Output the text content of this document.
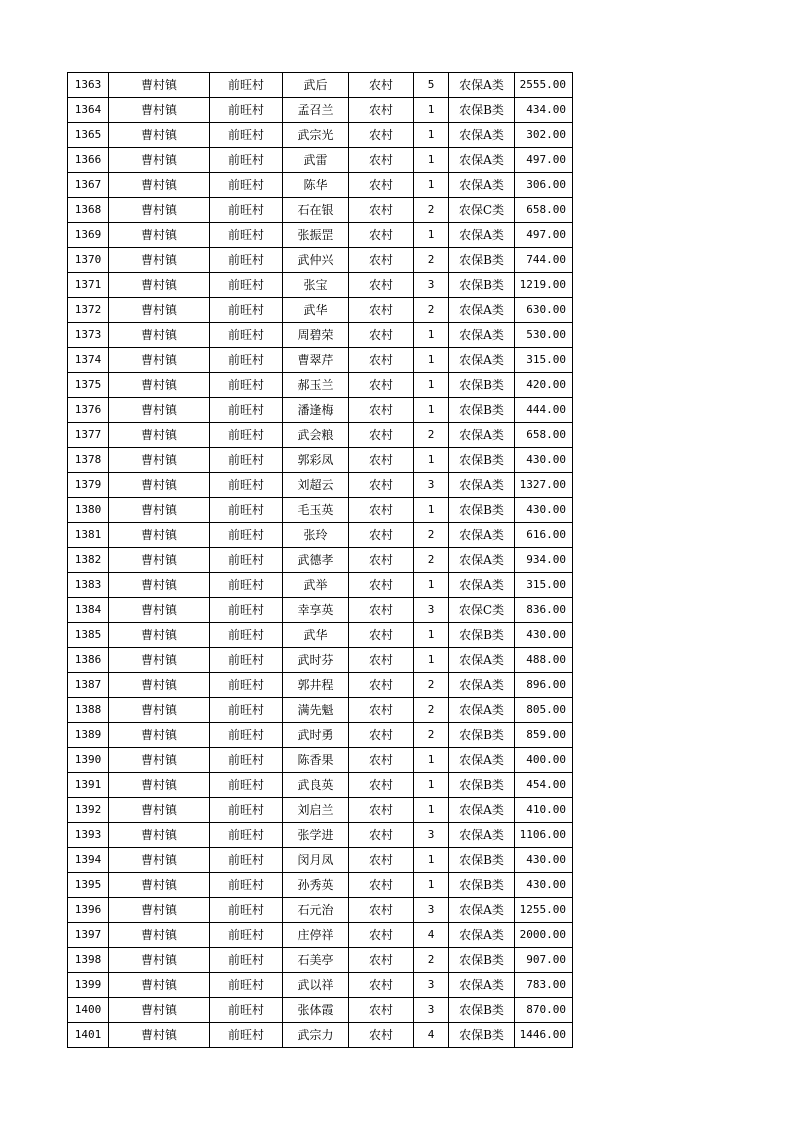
1363	曹村镇	前旺村	武后	农村	5	农保A类	2555.00
1364	曹村镇	前旺村	孟召兰	农村	1	农保B类	434.00
1365	曹村镇	前旺村	武宗光	农村	1	农保A类	302.00
1366	曹村镇	前旺村	武雷	农村	1	农保A类	497.00
1367	曹村镇	前旺村	陈华	农村	1	农保A类	306.00
1368	曹村镇	前旺村	石在银	农村	2	农保C类	658.00
1369	曹村镇	前旺村	张振罡	农村	1	农保A类	497.00
1370	曹村镇	前旺村	武仲兴	农村	2	农保B类	744.00
1371	曹村镇	前旺村	张宝	农村	3	农保B类	1219.00
1372	曹村镇	前旺村	武华	农村	2	农保A类	630.00
1373	曹村镇	前旺村	周碧荣	农村	1	农保A类	530.00
1374	曹村镇	前旺村	曹翠芹	农村	1	农保A类	315.00
1375	曹村镇	前旺村	郝玉兰	农村	1	农保B类	420.00
1376	曹村镇	前旺村	潘逢梅	农村	1	农保B类	444.00
1377	曹村镇	前旺村	武会粮	农村	2	农保A类	658.00
1378	曹村镇	前旺村	郭彩凤	农村	1	农保B类	430.00
1379	曹村镇	前旺村	刘超云	农村	3	农保A类	1327.00
1380	曹村镇	前旺村	毛玉英	农村	1	农保B类	430.00
1381	曹村镇	前旺村	张玲	农村	2	农保A类	616.00
1382	曹村镇	前旺村	武德孝	农村	2	农保A类	934.00
1383	曹村镇	前旺村	武举	农村	1	农保A类	315.00
1384	曹村镇	前旺村	幸享英	农村	3	农保C类	836.00
1385	曹村镇	前旺村	武华	农村	1	农保B类	430.00
1386	曹村镇	前旺村	武时芬	农村	1	农保A类	488.00
1387	曹村镇	前旺村	郭井程	农村	2	农保A类	896.00
1388	曹村镇	前旺村	满先魁	农村	2	农保A类	805.00
1389	曹村镇	前旺村	武时勇	农村	2	农保B类	859.00
1390	曹村镇	前旺村	陈香果	农村	1	农保A类	400.00
1391	曹村镇	前旺村	武良英	农村	1	农保B类	454.00
1392	曹村镇	前旺村	刘启兰	农村	1	农保A类	410.00
1393	曹村镇	前旺村	张学进	农村	3	农保A类	1106.00
1394	曹村镇	前旺村	闵月凤	农村	1	农保B类	430.00
1395	曹村镇	前旺村	孙秀英	农村	1	农保B类	430.00
1396	曹村镇	前旺村	石元治	农村	3	农保A类	1255.00
1397	曹村镇	前旺村	庄停祥	农村	4	农保A类	2000.00
1398	曹村镇	前旺村	石美亭	农村	2	农保B类	907.00
1399	曹村镇	前旺村	武以祥	农村	3	农保A类	783.00
1400	曹村镇	前旺村	张体霞	农村	3	农保B类	870.00
1401	曹村镇	前旺村	武宗力	农村	4	农保B类	1446.00
